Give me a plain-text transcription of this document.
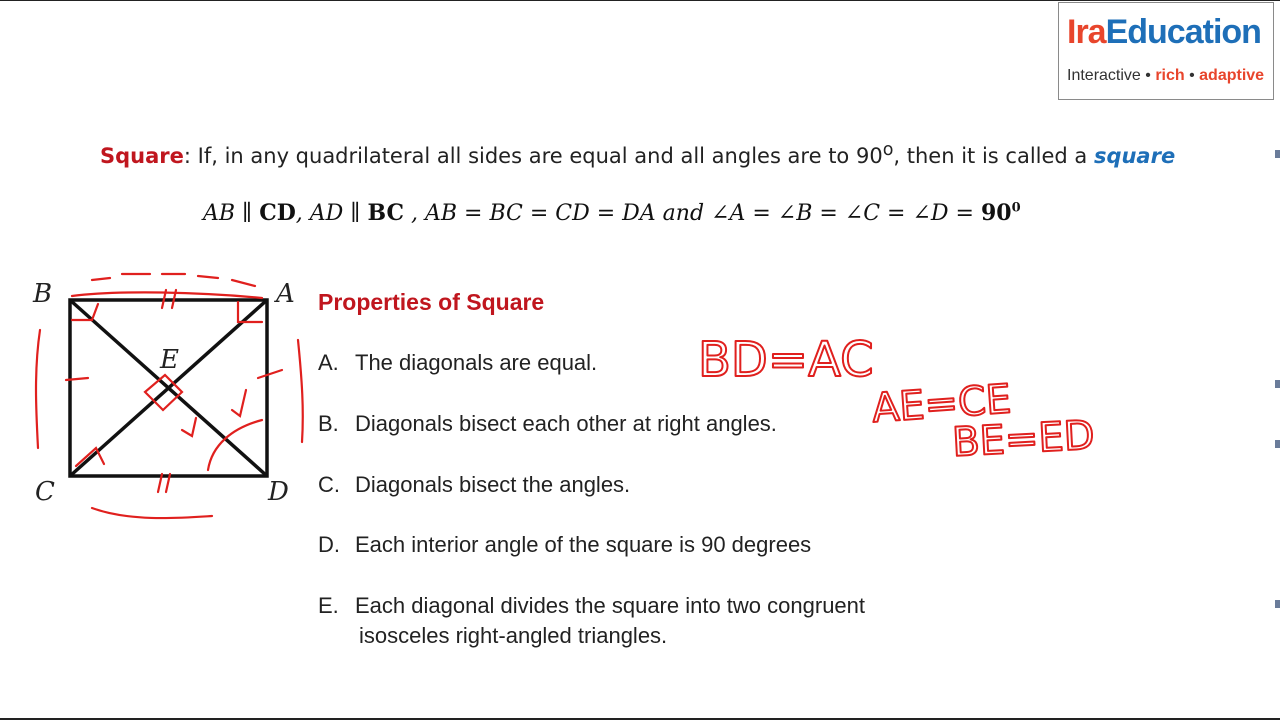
IraEducation
Interactive • rich • adaptive
Square: If, in any quadrilateral all sides are equal and all angles are to 90$^o$, then it is called a square
AB ∥ CD, AD ∥ BC , AB = BC = CD = DA and ∠A = ∠B = ∠C = ∠D = $90^0$
B	A
C	D
E
Properties of Square
A. The diagonals are equal.
B. Diagonals bisect each other at right angles.
C. Diagonals bisect the angles.
D. Each interior angle of the square is 90 degrees
E. Each diagonal divides the square into two congruent
isosceles right-angled triangles.
BD=AC
AE=CE
BE=ED
